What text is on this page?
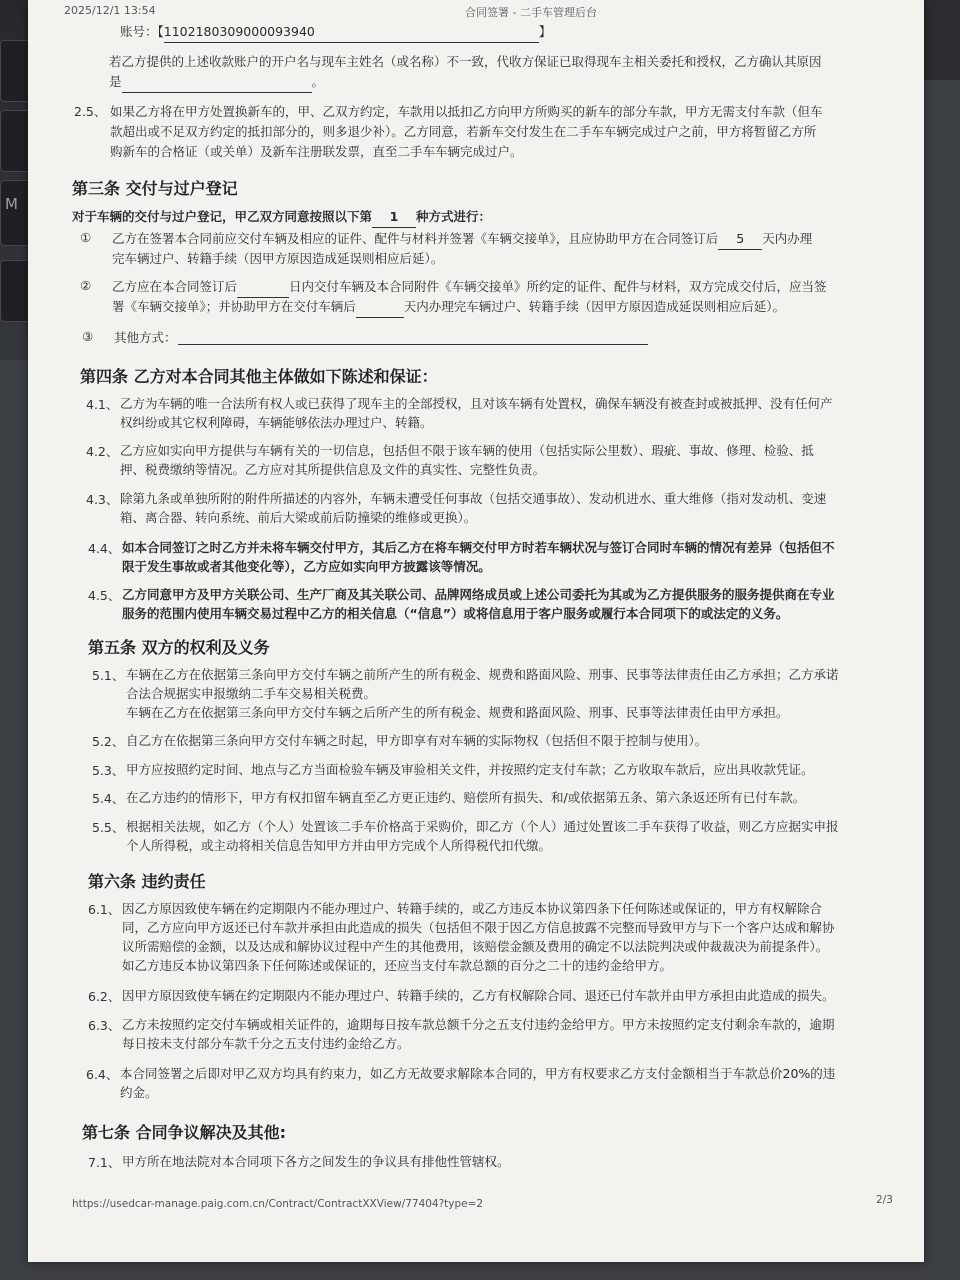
M
2025/12/1 13:54	合同签署 - 二手车管理后台
账号：【1102180309000093940	】
若乙方提供的上述收款账户的开户名与现车主姓名（或名称）不一致，代收方保证已取得现车主相关委托和授权，乙方确认其原因
是	。
2.5、 如果乙方将在甲方处置换新车的，甲、乙双方约定，车款用以抵扣乙方向甲方所购买的新车的部分车款，甲方无需支付车款（但车
款超出或不足双方约定的抵扣部分的，则多退少补）。乙方同意，若新车交付发生在二手车车辆完成过户之前，甲方将暂留乙方所
购新车的合格证（或关单）及新车注册联发票，直至二手车车辆完成过户。
第三条 交付与过户登记
对于车辆的交付与过户登记，甲乙双方同意按照以下第 1 种方式进行：
① 乙方在签署本合同前应交付车辆及相应的证件、配件与材料并签署《车辆交接单》，且应协助甲方在合同签订后 5 天内办理
完车辆过户、转籍手续（因甲方原因造成延误则相应后延）。
② 乙方应在本合同签订后	日内交付车辆及本合同附件《车辆交接单》所约定的证件、配件与材料，双方完成交付后，应当签
署《车辆交接单》；并协助甲方在交付车辆后	天内办理完车辆过户、转籍手续（因甲方原因造成延误则相应后延）。
③ 其他方式：
第四条 乙方对本合同其他主体做如下陈述和保证：
4.1、 乙方为车辆的唯一合法所有权人或已获得了现车主的全部授权，且对该车辆有处置权，确保车辆没有被查封或被抵押、没有任何产
权纠纷或其它权利障碍，车辆能够依法办理过户、转籍。
4.2、 乙方应如实向甲方提供与车辆有关的一切信息，包括但不限于该车辆的使用（包括实际公里数）、瑕疵、事故、修理、检验、抵
押、税费缴纳等情况。乙方应对其所提供信息及文件的真实性、完整性负责。
4.3、 除第九条或单独所附的附件所描述的内容外，车辆未遭受任何事故（包括交通事故）、发动机进水、重大维修（指对发动机、变速
箱、离合器、转向系统、前后大梁或前后防撞梁的维修或更换）。
4.4、 如本合同签订之时乙方并未将车辆交付甲方，其后乙方在将车辆交付甲方时若车辆状况与签订合同时车辆的情况有差异（包括但不
限于发生事故或者其他变化等），乙方应如实向甲方披露该等情况。
4.5、 乙方同意甲方及甲方关联公司、生产厂商及其关联公司、品牌网络成员或上述公司委托为其或为乙方提供服务的服务提供商在专业
服务的范围内使用车辆交易过程中乙方的相关信息（“信息”）或将信息用于客户服务或履行本合同项下的或法定的义务。
第五条 双方的权利及义务
5.1、 车辆在乙方在依据第三条向甲方交付车辆之前所产生的所有税金、规费和路面风险、刑事、民事等法律责任由乙方承担；乙方承诺
合法合规据实申报缴纳二手车交易相关税费。
车辆在乙方在依据第三条向甲方交付车辆之后所产生的所有税金、规费和路面风险、刑事、民事等法律责任由甲方承担。
5.2、 自乙方在依据第三条向甲方交付车辆之时起，甲方即享有对车辆的实际物权（包括但不限于控制与使用）。
5.3、 甲方应按照约定时间、地点与乙方当面检验车辆及审验相关文件，并按照约定支付车款；乙方收取车款后，应出具收款凭证。
5.4、 在乙方违约的情形下，甲方有权扣留车辆直至乙方更正违约、赔偿所有损失、和/或依据第五条、第六条返还所有已付车款。
5.5、 根据相关法规，如乙方（个人）处置该二手车价格高于采购价，即乙方（个人）通过处置该二手车获得了收益，则乙方应据实申报
个人所得税，或主动将相关信息告知甲方并由甲方完成个人所得税代扣代缴。
第六条 违约责任
6.1、 因乙方原因致使车辆在约定期限内不能办理过户、转籍手续的，或乙方违反本协议第四条下任何陈述或保证的，甲方有权解除合
同，乙方应向甲方返还已付车款并承担由此造成的损失（包括但不限于因乙方信息披露不完整而导致甲方与下一个客户达成和解协
议所需赔偿的金额，以及达成和解协议过程中产生的其他费用，该赔偿金额及费用的确定不以法院判决或仲裁裁决为前提条件）。
如乙方违反本协议第四条下任何陈述或保证的，还应当支付车款总额的百分之二十的违约金给甲方。
6.2、 因甲方原因致使车辆在约定期限内不能办理过户、转籍手续的，乙方有权解除合同、退还已付车款并由甲方承担由此造成的损失。
6.3、 乙方未按照约定交付车辆或相关证件的，逾期每日按车款总额千分之五支付违约金给甲方。甲方未按照约定支付剩余车款的，逾期
每日按未支付部分车款千分之五支付违约金给乙方。
6.4、 本合同签署之后即对甲乙双方均具有约束力，如乙方无故要求解除本合同的，甲方有权要求乙方支付金额相当于车款总价20%的违
约金。
第七条 合同争议解决及其他:
7.1、 甲方所在地法院对本合同项下各方之间发生的争议具有排他性管辖权。
https://usedcar-manage.paig.com.cn/Contract/ContractXXView/77404?type=2	2/3
